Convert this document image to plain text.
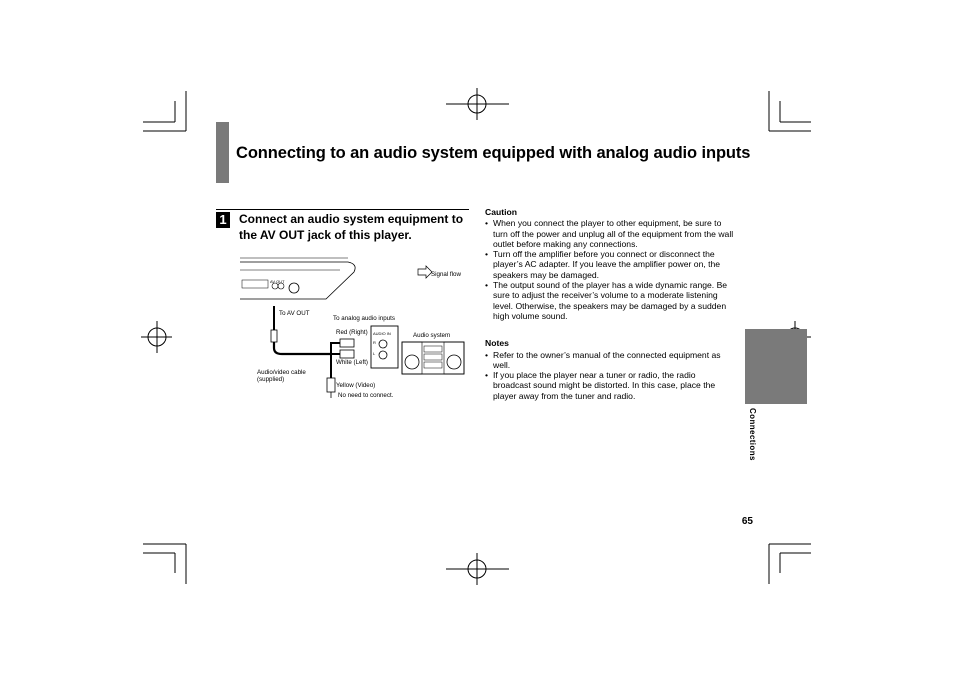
Connecting to an audio system equipped with analog audio inputs
1 Connect an audio system equipment to the AV OUT jack of this player.
AV OUT
Signal flow
To AV OUT
To analog audio inputs
Red (Right)
White (Left)
AUDIO IN
R
L
Audio system
Audio/video cable
(supplied)
Yellow (Video)
No need to connect.
Caution
• When you connect the player to other equipment, be sure to turn off the power and unplug all of the equipment from the wall outlet before making any connections.
• Turn off the amplifier before you connect or disconnect the player’s AC adapter. If you leave the amplifier power on, the speakers may be damaged.
• The output sound of the player has a wide dynamic range. Be sure to adjust the receiver’s volume to a moderate listening level. Otherwise, the speakers may be damaged by a sudden high volume sound.
Notes
• Refer to the owner’s manual of the connected equipment as well.
• If you place the player near a tuner or radio, the radio broadcast sound might be distorted. In this case, place the player away from the tuner and radio.
Connections
65
